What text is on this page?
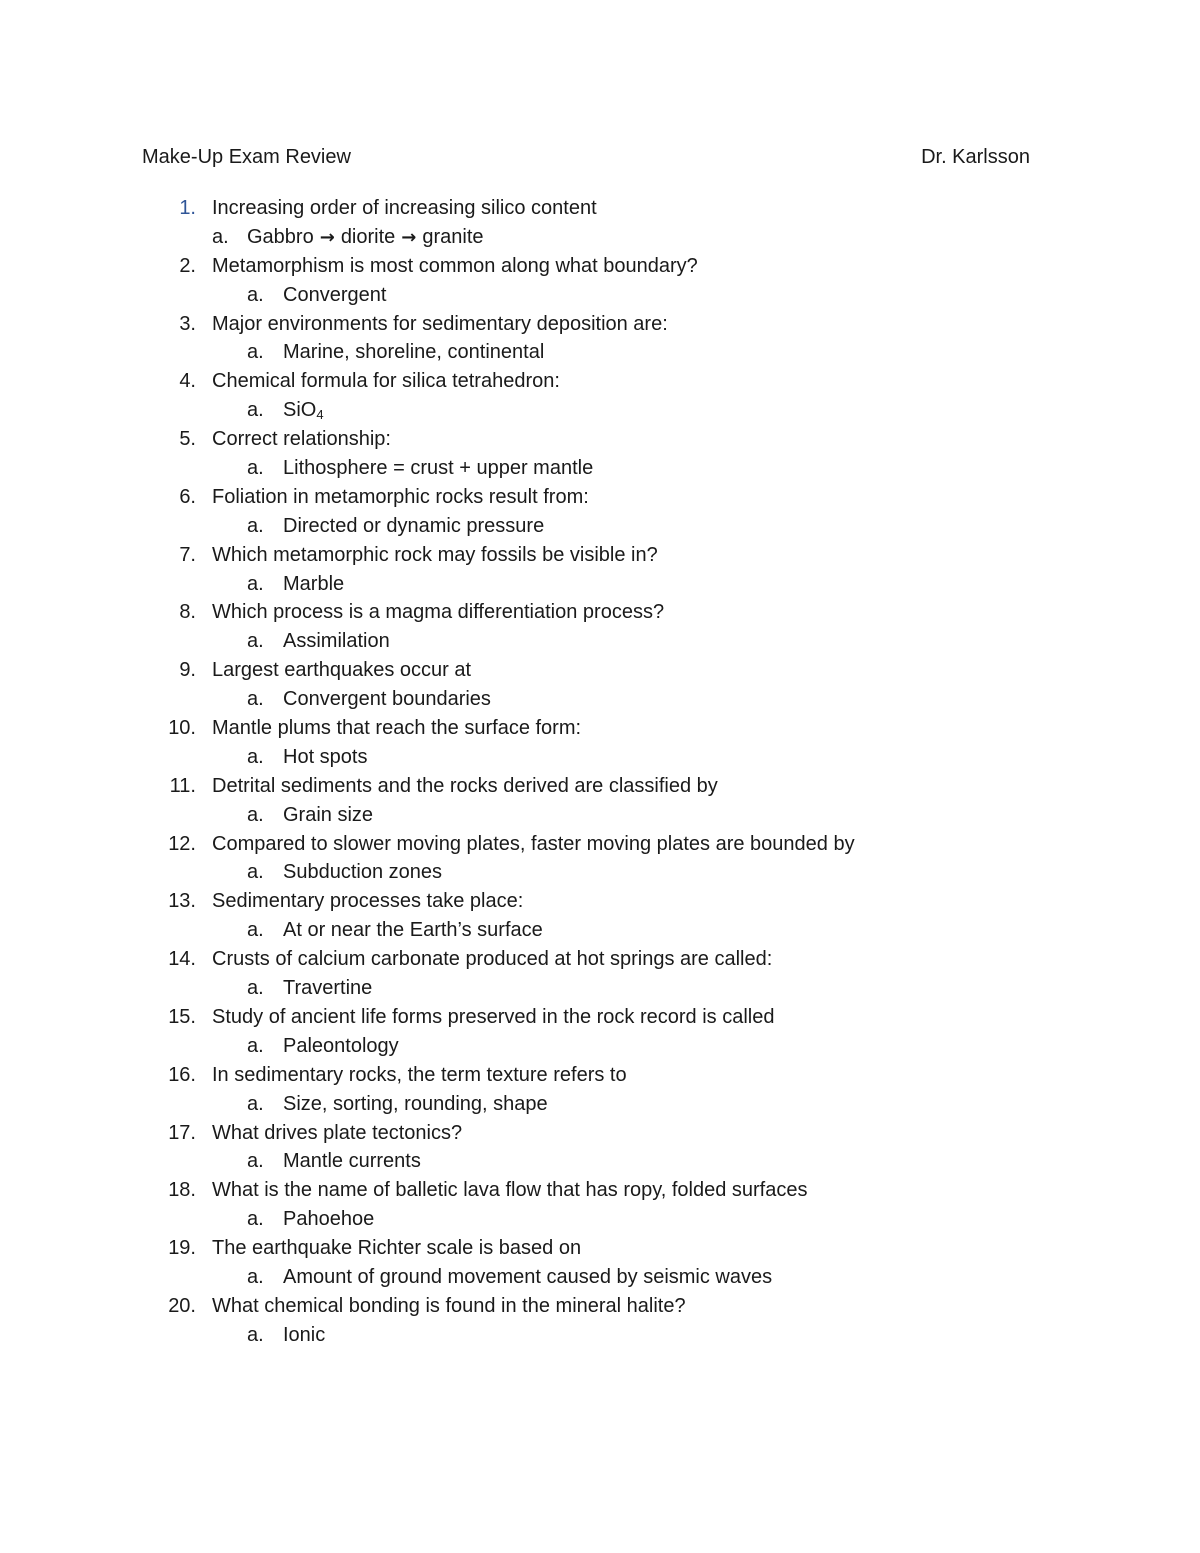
Make-Up Exam Review	Dr. Karlsson
1. Increasing order of increasing silico content
a. Gabbro → diorite → granite
2. Metamorphism is most common along what boundary?
a. Convergent
3. Major environments for sedimentary deposition are:
a. Marine, shoreline, continental
4. Chemical formula for silica tetrahedron:
a. SiO$_4$
5. Correct relationship:
a. Lithosphere = crust + upper mantle
6. Foliation in metamorphic rocks result from:
a. Directed or dynamic pressure
7. Which metamorphic rock may fossils be visible in?
a. Marble
8. Which process is a magma differentiation process?
a. Assimilation
9. Largest earthquakes occur at
a. Convergent boundaries
10. Mantle plums that reach the surface form:
a. Hot spots
11. Detrital sediments and the rocks derived are classified by
a. Grain size
12. Compared to slower moving plates, faster moving plates are bounded by
a. Subduction zones
13. Sedimentary processes take place:
a. At or near the Earth’s surface
14. Crusts of calcium carbonate produced at hot springs are called:
a. Travertine
15. Study of ancient life forms preserved in the rock record is called
a. Paleontology
16. In sedimentary rocks, the term texture refers to
a. Size, sorting, rounding, shape
17. What drives plate tectonics?
a. Mantle currents
18. What is the name of balletic lava flow that has ropy, folded surfaces
a. Pahoehoe
19. The earthquake Richter scale is based on
a. Amount of ground movement caused by seismic waves
20. What chemical bonding is found in the mineral halite?
a. Ionic
